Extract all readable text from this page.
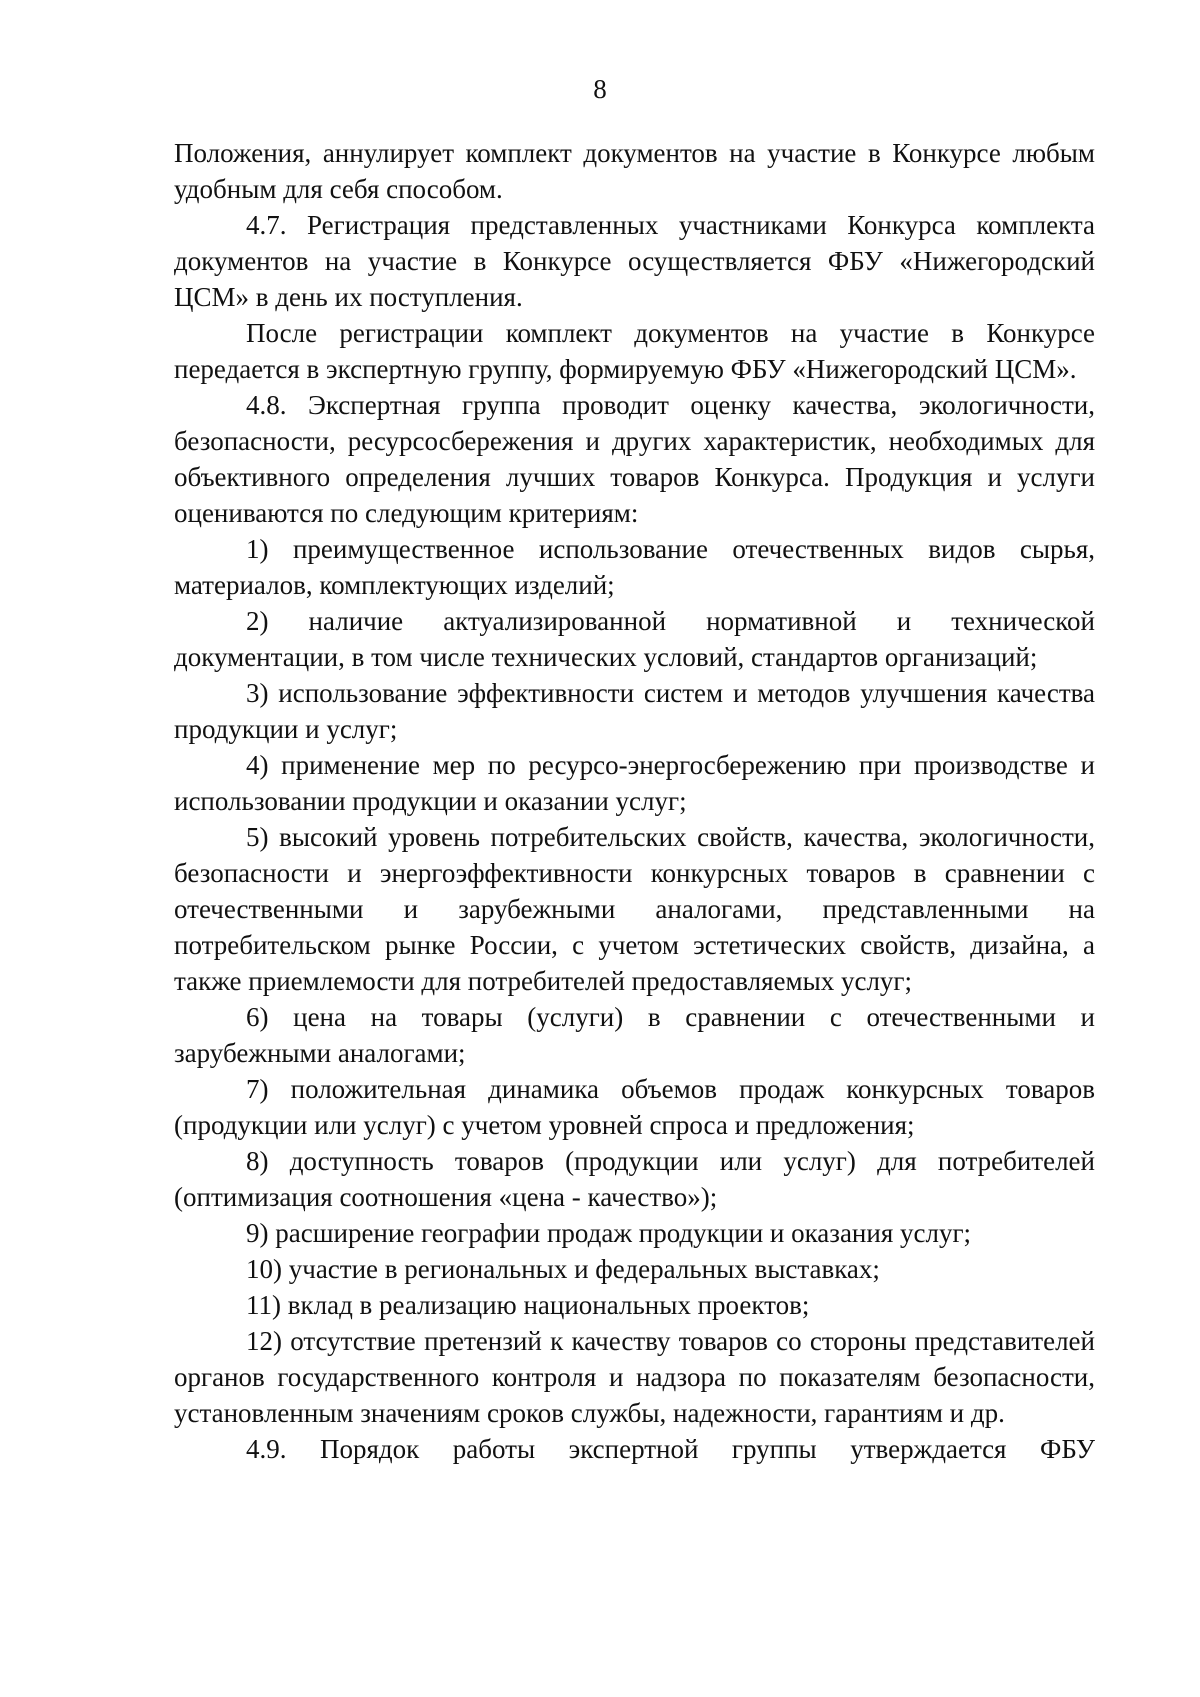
8

Положения, аннулирует комплект документов на участие в Конкурсе любым удобным для себя способом.

4.7. Регистрация представленных участниками Конкурса комплекта документов на участие в Конкурсе осуществляется ФБУ «Нижегородский ЦСМ» в день их поступления.

После регистрации комплект документов на участие в Конкурсе передается в экспертную группу, формируемую ФБУ «Нижегородский ЦСМ».

4.8. Экспертная группа проводит оценку качества, экологичности, безопасности, ресурсосбережения и других характеристик, необходимых для объективного определения лучших товаров Конкурса. Продукция и услуги оцениваются по следующим критериям:

1) преимущественное использование отечественных видов сырья, материалов, комплектующих изделий;

2) наличие актуализированной нормативной и технической документации, в том числе технических условий, стандартов организаций;

3) использование эффективности систем и методов улучшения качества продукции и услуг;

4) применение мер по ресурсо-энергосбережению при производстве и использовании продукции и оказании услуг;

5) высокий уровень потребительских свойств, качества, экологичности, безопасности и энергоэффективности конкурсных товаров в сравнении с отечественными и зарубежными аналогами, представленными на потребительском рынке России, с учетом эстетических свойств, дизайна, а также приемлемости для потребителей предоставляемых услуг;

6) цена на товары (услуги) в сравнении с отечественными и зарубежными аналогами;

7) положительная динамика объемов продаж конкурсных товаров (продукции или услуг) с учетом уровней спроса и предложения;

8) доступность товаров (продукции или услуг) для потребителей (оптимизация соотношения «цена - качество»);

9) расширение географии продаж продукции и оказания услуг;

10) участие в региональных и федеральных выставках;

11) вклад в реализацию национальных проектов;

12) отсутствие претензий к качеству товаров со стороны представителей органов государственного контроля и надзора по показателям безопасности, установленным значениям сроков службы, надежности, гарантиям и др.

4.9. Порядок работы экспертной группы утверждается ФБУ
